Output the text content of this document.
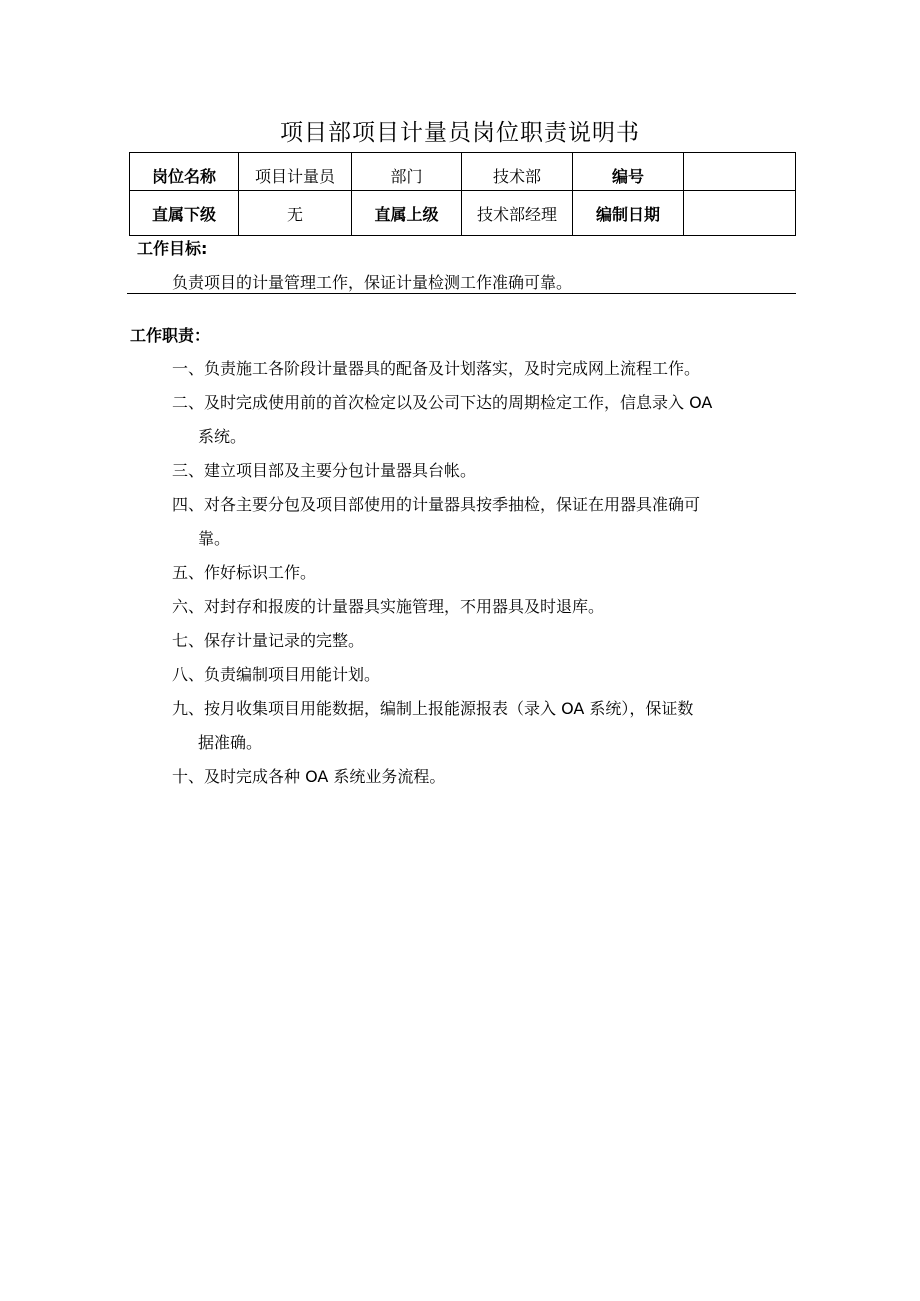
项目部项目计量员岗位职责说明书
岗位名称	项目计量员	部门	技术部	编号	
直属下级	无	直属上级	技术部经理	编制日期	
工作目标:
负责项目的计量管理工作，保证计量检测工作准确可靠。
工作职责：
一、负责施工各阶段计量器具的配备及计划落实，及时完成网上流程工作。
二、及时完成使用前的首次检定以及公司下达的周期检定工作，信息录入 OA
系统。
三、建立项目部及主要分包计量器具台帐。
四、对各主要分包及项目部使用的计量器具按季抽检，保证在用器具准确可
靠。
五、作好标识工作。
六、对封存和报废的计量器具实施管理，不用器具及时退库。
七、保存计量记录的完整。
八、负责编制项目用能计划。
九、按月收集项目用能数据，编制上报能源报表（录入 OA 系统），保证数
据准确。
十、及时完成各种 OA 系统业务流程。
